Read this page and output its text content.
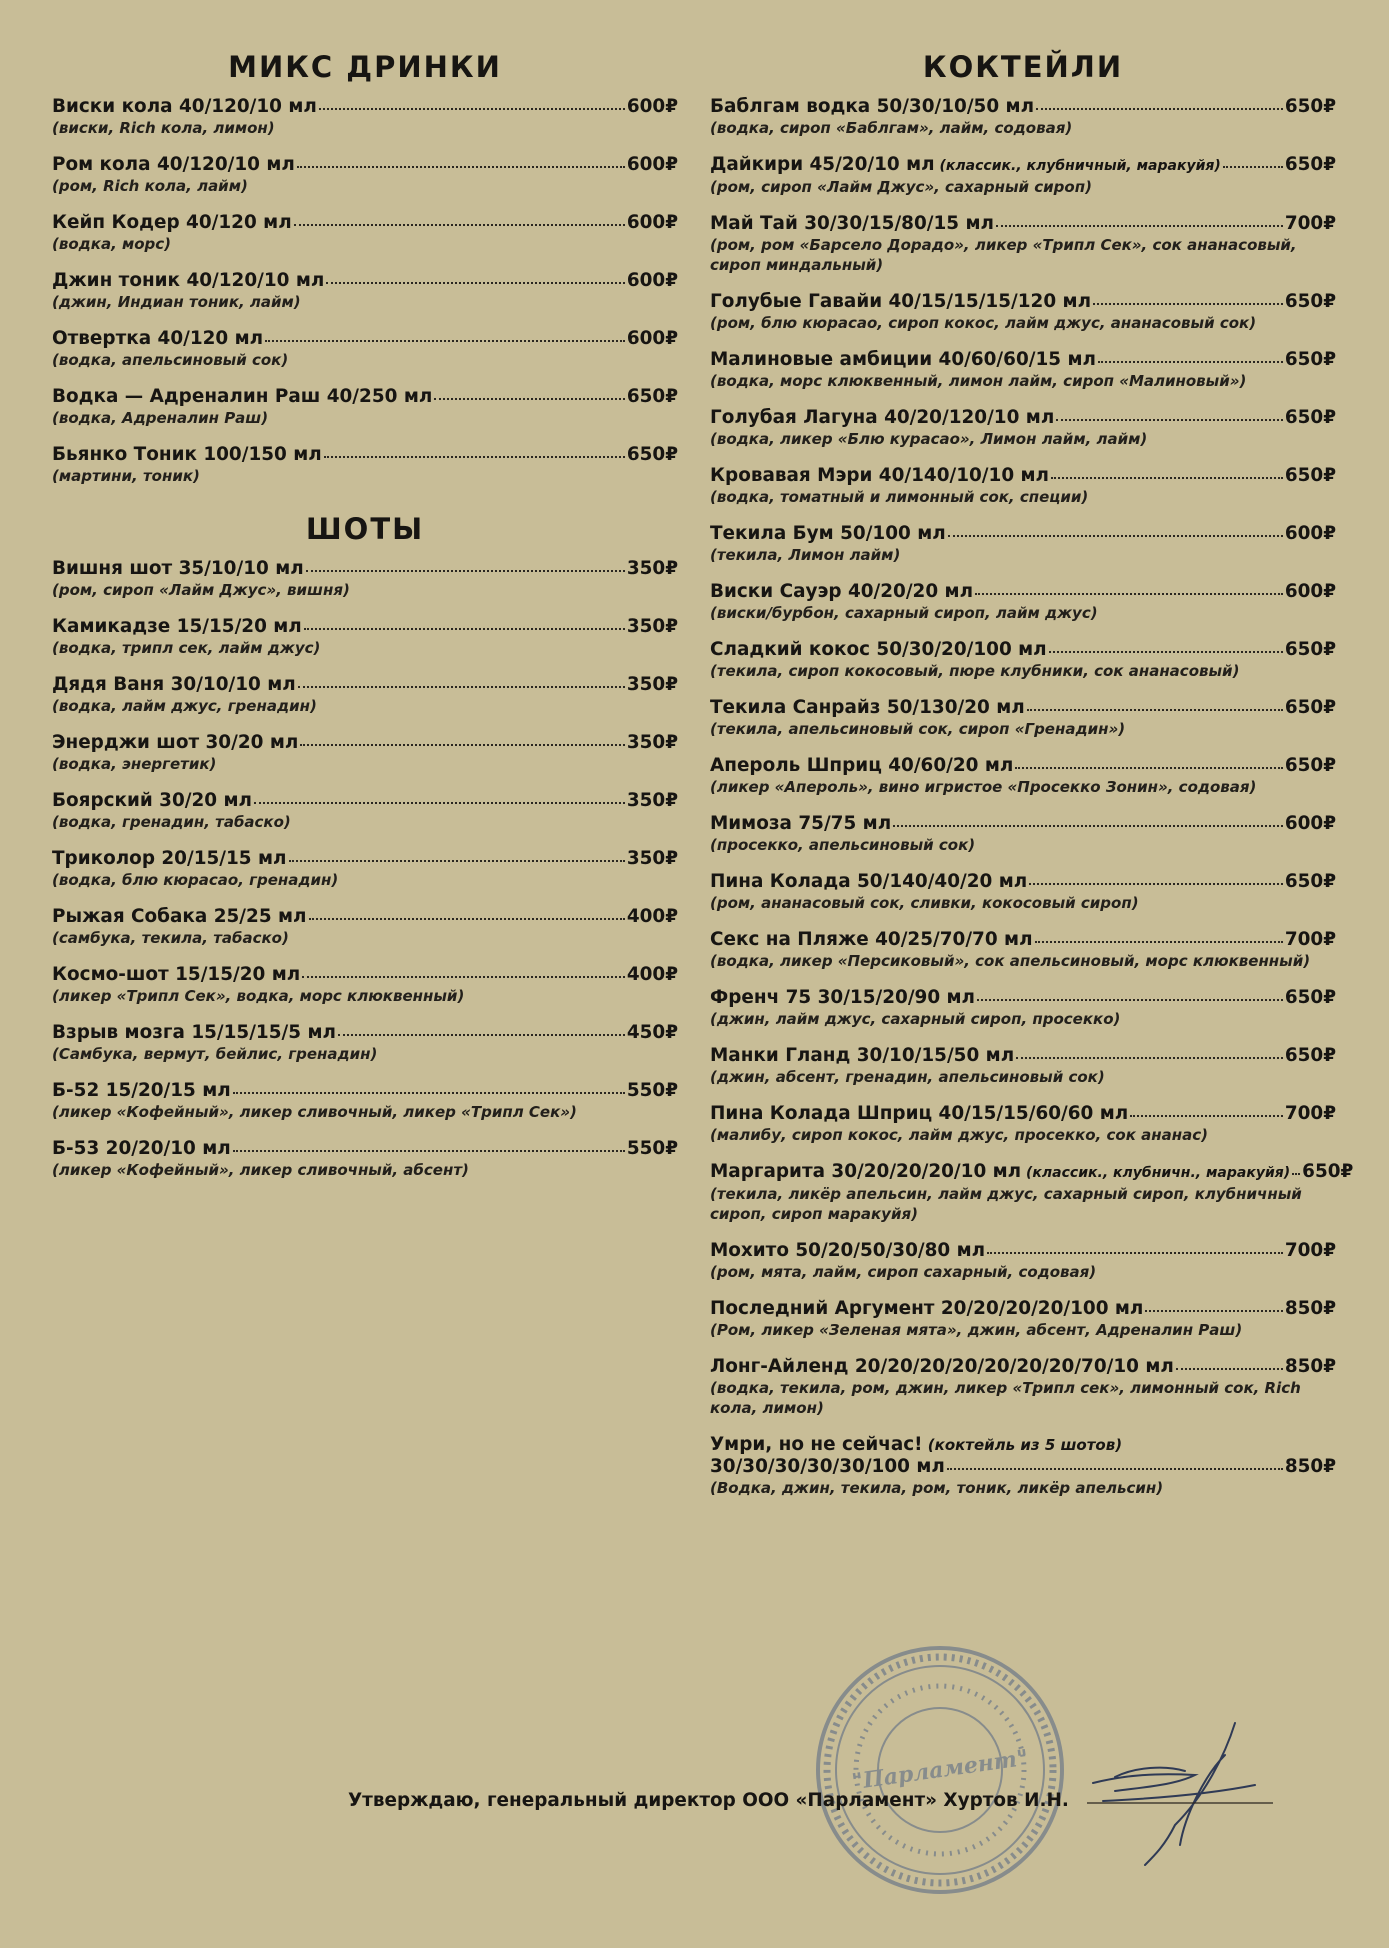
МИКС ДРИНКИ
Виски кола 40/120/10 мл	600₽
(виски, Rich кола, лимон)
Ром кола 40/120/10 мл	600₽
(ром, Rich кола, лайм)
Кейп Кодер 40/120 мл	600₽
(водка, морс)
Джин тоник 40/120/10 мл	600₽
(джин, Индиан тоник, лайм)
Отвертка 40/120 мл	600₽
(водка, апельсиновый сок)
Водка — Адреналин Раш 40/250 мл	650₽
(водка, Адреналин Раш)
Бьянко Тоник 100/150 мл	650₽
(мартини, тоник)
ШОТЫ
Вишня шот 35/10/10 мл	350₽
(ром, сироп «Лайм Джус», вишня)
Камикадзе 15/15/20 мл	350₽
(водка, трипл сек, лайм джус)
Дядя Ваня 30/10/10 мл	350₽
(водка, лайм джус, гренадин)
Энерджи шот 30/20 мл	350₽
(водка, энергетик)
Боярский 30/20 мл	350₽
(водка, гренадин, табаско)
Триколор 20/15/15 мл	350₽
(водка, блю кюрасао, гренадин)
Рыжая Собака 25/25 мл	400₽
(самбука, текила, табаско)
Космо-шот 15/15/20 мл	400₽
(ликер «Трипл Сек», водка, морс клюквенный)
Взрыв мозга 15/15/15/5 мл	450₽
(Самбука, вермут, бейлис, гренадин)
Б-52 15/20/15 мл	550₽
(ликер «Кофейный», ликер сливочный, ликер «Трипл Сек»)
Б-53 20/20/10 мл	550₽
(ликер «Кофейный», ликер сливочный, абсент)
КОКТЕЙЛИ
Баблгам водка 50/30/10/50 мл	650₽
(водка, сироп «Баблгам», лайм, содовая)
Дайкири 45/20/10 мл (классик., клубничный, маракуйя)	650₽
(ром, сироп «Лайм Джус», сахарный сироп)
Май Тай 30/30/15/80/15 мл	700₽
(ром, ром «Барсело Дорадо», ликер «Трипл Сек», сок ананасовый, сироп миндальный)
Голубые Гавайи 40/15/15/15/120 мл	650₽
(ром, блю кюрасао, сироп кокос, лайм джус, ананасовый сок)
Малиновые амбиции 40/60/60/15 мл	650₽
(водка, морс клюквенный, лимон лайм, сироп «Малиновый»)
Голубая Лагуна 40/20/120/10 мл	650₽
(водка, ликер «Блю курасао», Лимон лайм, лайм)
Кровавая Мэри 40/140/10/10 мл	650₽
(водка, томатный и лимонный сок, специи)
Текила Бум 50/100 мл	600₽
(текила, Лимон лайм)
Виски Сауэр 40/20/20 мл	600₽
(виски/бурбон, сахарный сироп, лайм джус)
Сладкий кокос 50/30/20/100 мл	650₽
(текила, сироп кокосовый, пюре клубники, сок ананасовый)
Текила Санрайз 50/130/20 мл	650₽
(текила, апельсиновый сок, сироп «Гренадин»)
Апероль Шприц 40/60/20 мл	650₽
(ликер «Апероль», вино игристое «Просекко Зонин», содовая)
Мимоза 75/75 мл	600₽
(просекко, апельсиновый сок)
Пина Колада 50/140/40/20 мл	650₽
(ром, ананасовый сок, сливки, кокосовый сироп)
Секс на Пляже 40/25/70/70 мл	700₽
(водка, ликер «Персиковый», сок апельсиновый, морс клюквенный)
Френч 75 30/15/20/90 мл	650₽
(джин, лайм джус, сахарный сироп, просекко)
Манки Гланд 30/10/15/50 мл	650₽
(джин, абсент, гренадин, апельсиновый сок)
Пина Колада Шприц 40/15/15/60/60 мл	700₽
(малибу, сироп кокос, лайм джус, просекко, сок ананас)
Маргарита 30/20/20/20/10 мл (классик., клубничн., маракуйя) 650₽
(текила, ликёр апельсин, лайм джус, сахарный сироп, клубничный сироп, сироп маракуйя)
Мохито 50/20/50/30/80 мл	700₽
(ром, мята, лайм, сироп сахарный, содовая)
Последний Аргумент 20/20/20/20/100 мл	850₽
(Ром, ликер «Зеленая мята», джин, абсент, Адреналин Раш)
Лонг-Айленд 20/20/20/20/20/20/20/70/10 мл	850₽
(водка, текила, ром, джин, ликер «Трипл сек», лимонный сок, Rich кола, лимон)
Умри, но не сейчас! (коктейль из 5 шотов)
30/30/30/30/30/100 мл	850₽
(Водка, джин, текила, ром, тоник, ликёр апельсин)
"Парламент"
Утверждаю, генеральный директор ООО «Парламент» Хуртов И.Н.
